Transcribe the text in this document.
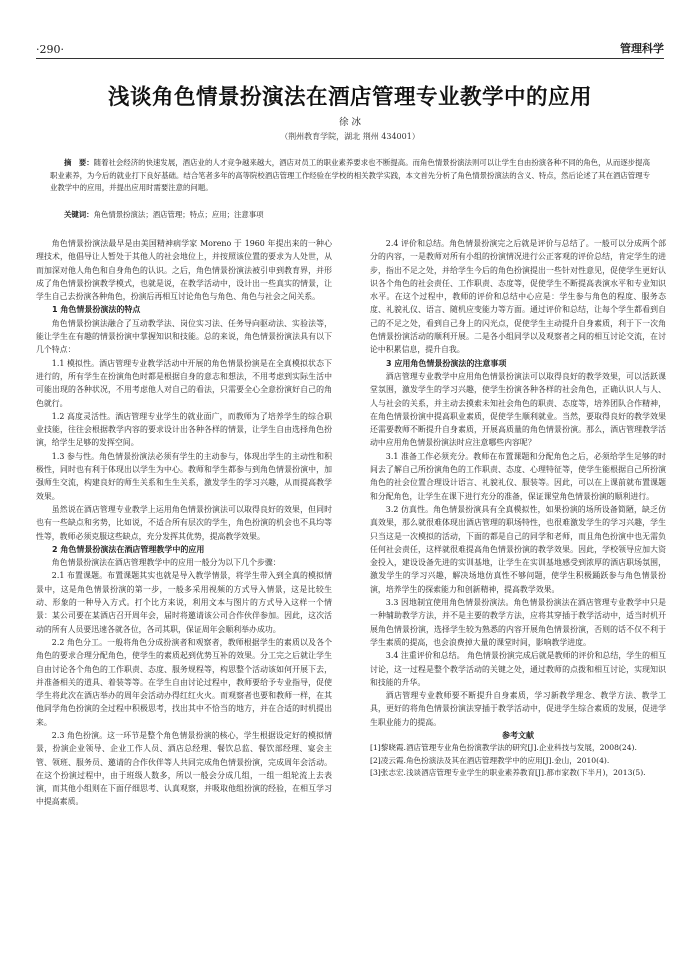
·290·	管理科学
浅谈角色情景扮演法在酒店管理专业教学中的应用
徐 冰
（荆州教育学院，湖北 荆州 434001）
摘　要：随着社会经济的快速发展，酒店业的人才竞争越来越大，酒店对员工的职业素养要求也不断提高。而角色情景扮演法则可以让学生自由扮演各种不同的角色，从而逐步提高职业素养，为今后的就业打下良好基础。结合笔者多年的高等院校酒店管理工作经验在学校的相关教学实践，本文首先分析了角色情景扮演法的含义、特点，然后论述了其在酒店管理专业教学中的应用，并提出应用时需要注意的问题。
关键词：角色情景扮演法；酒店管理；特点；应用；注意事项

角色情景扮演法最早是由美国精神病学家 Moreno 于 1960 年提出来的一种心理技术，他倡导让人暂处于其他人的社会地位上，并按照该位置的要求为人处世，从而加深对他人角色和自身角色的认识。之后，角色情景扮演法被引申到教育界，并形成了角色情景扮演教学模式，也就是说，在教学活动中，设计出一些真实的情景，让学生自己去扮演各种角色，扮演后再相互讨论角色与角色、角色与社会之间关系。

1 角色情景扮演法的特点

角色情景扮演法融合了互动教学法、岗位实习法、任务导向驱动法、实验法等，能让学生在有趣的情景扮演中掌握知识和技能。总的来说，角色情景扮演法具有以下几个特点：

1.1 模拟性。酒店管理专业教学活动中开展的角色情景扮演是在全真模拟状态下进行的，所有学生在扮演角色时都是根据自身的意志和想法，不用考虑到实际生活中可能出现的各种状况，不用考虑他人对自己的看法，只需要全心全意扮演好自己的角色就行。

1.2 高度灵活性。酒店管理专业学生的就业面广，而教师为了培养学生的综合职业技能，往往会根据教学内容的要求设计出各种各样的情景，让学生自由选择角色扮演，给学生足够的发挥空间。

1.3 参与性。角色情景扮演法必须有学生的主动参与，体现出学生的主动性和积极性，同时也有利于体现出以学生为中心。教师和学生都参与到角色情景扮演中，加强师生交流，构建良好的师生关系和生生关系，激发学生的学习兴趣，从而提高教学效果。

虽然说在酒店管理专业教学上运用角色情景扮演法可以取得良好的效果，但同时也有一些缺点和劣势，比如说，不适合所有层次的学生，角色扮演的机会也不具均等性等，教师必须克服这些缺点，充分发挥其优势，提高教学效果。

2 角色情景扮演法在酒店管理教学中的应用

角色情景扮演法在酒店管理教学中的应用一般分为以下几个步骤：

2.1 布置课题。布置课题其实也就是导入教学情景，将学生带入到全真的模拟情景中，这是角色情景扮演的第一步，一般多采用视频的方式导入情景，这是比较生动、形象的一种导入方式。打个比方来说，利用文本与图片的方式导入这样一个情景：某公司要在某酒店召开周年会，届时将邀请该公司合作伙伴参加。因此，这次活动的所有人员要迅速各就各位，各司其职，保证周年会顺利举办成功。

2.2 角色分工。一般将角色分成扮演者和观察者，教师根据学生的素质以及各个角色的要求合理分配角色，使学生的素质起到优势互补的效果。分工完之后就让学生自由讨论各个角色的工作职责、态度、服务规程等，构思整个活动该如何开展下去，并准备相关的道具、着装等等。在学生自由讨论过程中，教师要给予专业指导，促使学生将此次在酒店举办的周年会活动办得红红火火。而观察者也要和教师一样，在其他同学角色扮演的全过程中积极思考，找出其中不恰当的地方，并在合适的时机提出来。

2.3 角色扮演。这一环节是整个角色情景扮演的核心，学生根据设定好的模拟情景，扮演企业领导、企业工作人员、酒店总经理、餐饮总监、餐饮部经理、宴会主管、领班、服务员、邀请的合作伙伴等人共同完成角色情景扮演，完成周年会活动。在这个扮演过程中，由于班级人数多，所以一般会分成几组，一组一组轮流上去表演，而其他小组则在下面仔细思考、认真观察，并吸取他组扮演的经验，在相互学习中提高素质。

2.4 评价和总结。角色情景扮演完之后就是评价与总结了。一般可以分成两个部分的内容，一是教师对所有小组的扮演情况进行公正客观的评价总结，肯定学生的进步，指出不足之处，并给学生今后的角色扮演提出一些针对性意见，促使学生更好认识各个角色的社会责任、工作职责、态度等，促使学生不断提高表演水平和专业知识水平。在这个过程中，教师的评价和总结中心应是：学生参与角色的程度、服务态度、礼貌礼仪、语言、随机应变能力等方面。通过评价和总结，让每个学生都看到自己的不足之处，看到自己身上的闪光点，促使学生主动提升自身素质，利于下一次角色情景扮演活动的顺利开展。二是各小组同学以及观察者之间的相互讨论交流，在讨论中积累信息，提升自我。

3 应用角色情景扮演法的注意事项

酒店管理专业教学中应用角色情景扮演法可以取得良好的教学效果，可以活跃课堂氛围，激发学生的学习兴趣，使学生扮演各种各样的社会角色，正确认识人与人、人与社会的关系，并主动去摸索未知社会角色的职责、态度等，培养团队合作精神，在角色情景扮演中提高职业素质，促使学生顺利就业。当然，要取得良好的教学效果还需要教师不断提升自身素质，开展高质量的角色情景扮演。那么，酒店管理教学活动中应用角色情景扮演法时应注意哪些内容呢？

3.1 准备工作必须充分。教师在布置课题和分配角色之后，必须给学生足够的时间去了解自己所扮演角色的工作职责、态度、心理特征等，使学生能根据自己所扮演角色的社会位置合理设计语言、礼貌礼仪、服装等。因此，可以在上课前就布置课题和分配角色，让学生在课下进行充分的准备，保证课堂角色情景扮演的顺利进行。

3.2 仿真性。角色情景扮演具有全真模拟性，如果扮演的场所设备简陋，缺乏仿真效果，那么就很难体现出酒店管理的职场特性，也很难激发学生的学习兴趣，学生只当这是一次模拟的活动，下面的都是自己的同学和老师，而且角色扮演中也无需负任何社会责任，这样就很难提高角色情景扮演的教学效果。因此，学校领导应加大资金投入，建设设备先进的实训基地，让学生在实训基地感受到浓厚的酒店职场氛围，激发学生的学习兴趣，解决场地仿真性不够问题，使学生积极踊跃参与角色情景扮演，培养学生的探索能力和创新精神，提高教学效果。

3.3 因地制宜使用角色情景扮演法。角色情景扮演法在酒店管理专业教学中只是一种辅助教学方法，并不是主要的教学方法，应将其穿插于教学活动中，适当时机开展角色情景扮演，选择学生较为熟悉的内容开展角色情景扮演，否则的话不仅不利于学生素质的提高，也会浪费掉大量的课堂时间，影响教学进度。

3.4 注重评价和总结。 角色情景扮演完成后就是教师的评价和总结，学生的相互讨论，这一过程是整个教学活动的关键之处，通过教师的点拨和相互讨论，实现知识和技能的升华。

酒店管理专业教师要不断提升自身素质，学习新教学理念、教学方法、教学工具，更好的将角色情景扮演法穿插于教学活动中，促进学生综合素质的发展，促进学生职业能力的提高。

参考文献

[1]黎晓霞.酒店管理专业角色扮演教学法的研究[J].企业科技与发展，2008(24).

[2]凌云霞.角色扮演法及其在酒店管理教学中的应用[J].金山，2010(4).

[3]张志宏.浅谈酒店管理专业学生的职业素养教育[J].都市家教(下半月)，2013(5).
